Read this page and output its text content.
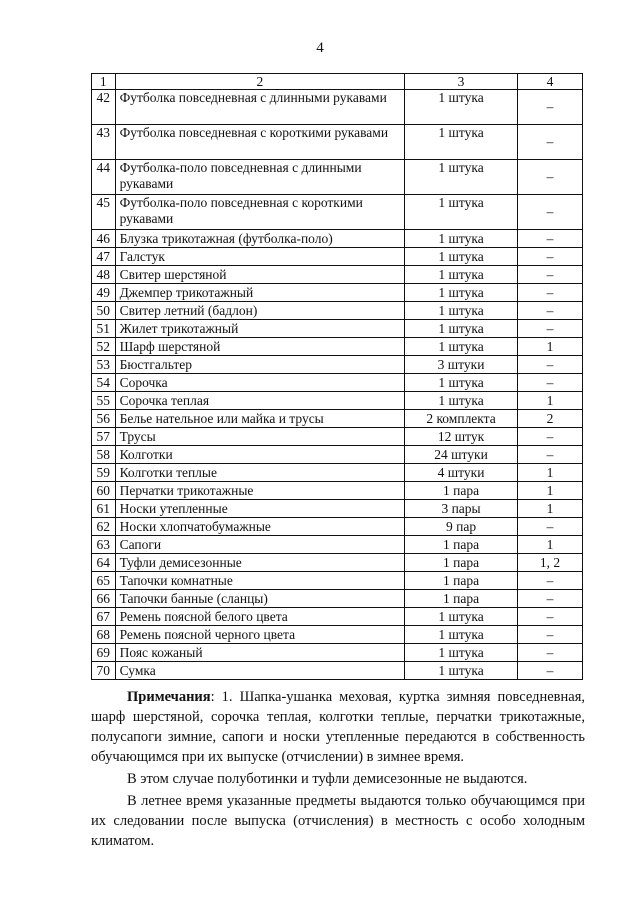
4
1	2	3	4
42	Футболка повседневная с длинными рукавами	1 штука	–
43	Футболка повседневная с короткими рукавами	1 штука	–
44	Футболка-поло повседневная с длинными рукавами	1 штука	–
45	Футболка-поло повседневная с короткими рукавами	1 штука	–
46	Блузка трикотажная (футболка-поло)	1 штука	–
47	Галстук	1 штука	–
48	Свитер шерстяной	1 штука	–
49	Джемпер трикотажный	1 штука	–
50	Свитер летний (бадлон)	1 штука	–
51	Жилет трикотажный	1 штука	–
52	Шарф шерстяной	1 штука	1
53	Бюстгальтер	3 штуки	–
54	Сорочка	1 штука	–
55	Сорочка теплая	1 штука	1
56	Белье нательное или майка и трусы	2 комплекта	2
57	Трусы	12 штук	–
58	Колготки	24 штуки	–
59	Колготки теплые	4 штуки	1
60	Перчатки трикотажные	1 пара	1
61	Носки утепленные	3 пары	1
62	Носки хлопчатобумажные	9 пар	–
63	Сапоги	1 пара	1
64	Туфли демисезонные	1 пара	1, 2
65	Тапочки комнатные	1 пара	–
66	Тапочки банные (сланцы)	1 пара	–
67	Ремень поясной белого цвета	1 штука	–
68	Ремень поясной черного цвета	1 штука	–
69	Пояс кожаный	1 штука	–
70	Сумка	1 штука	–

Примечания: 1. Шапка-ушанка меховая, куртка зимняя повседневная, шарф шерстяной, сорочка теплая, колготки теплые, перчатки трикотажные, полусапоги зимние, сапоги и носки утепленные передаются в собственность обучающимся при их выпуске (отчислении) в зимнее время.

В этом случае полуботинки и туфли демисезонные не выдаются.

В летнее время указанные предметы выдаются только обучающимся при их следовании после выпуска (отчисления) в местность с особо холодным климатом.
